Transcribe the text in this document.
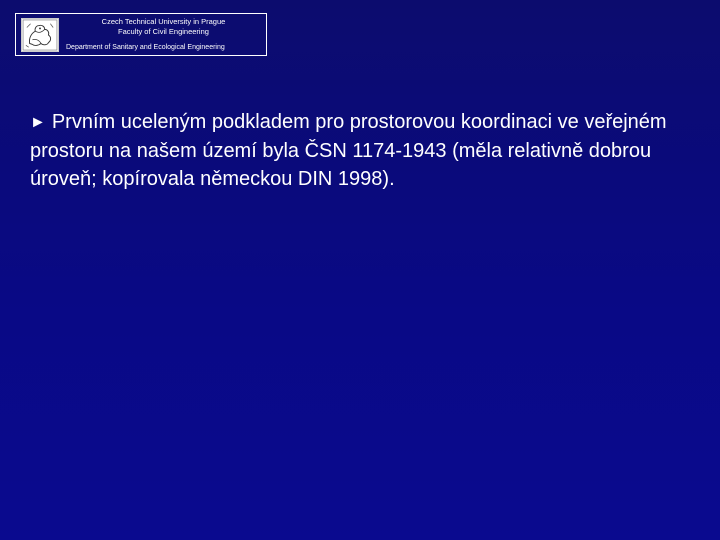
Czech Technical University in Prague
Faculty of Civil Engineering
Department of Sanitary and Ecological Engineering
► Prvním uceleným podkladem pro prostorovou koordinaci ve veřejném prostoru na našem území byla ČSN 1174-1943 (měla relativně dobrou úroveň; kopírovala německou DIN 1998).
